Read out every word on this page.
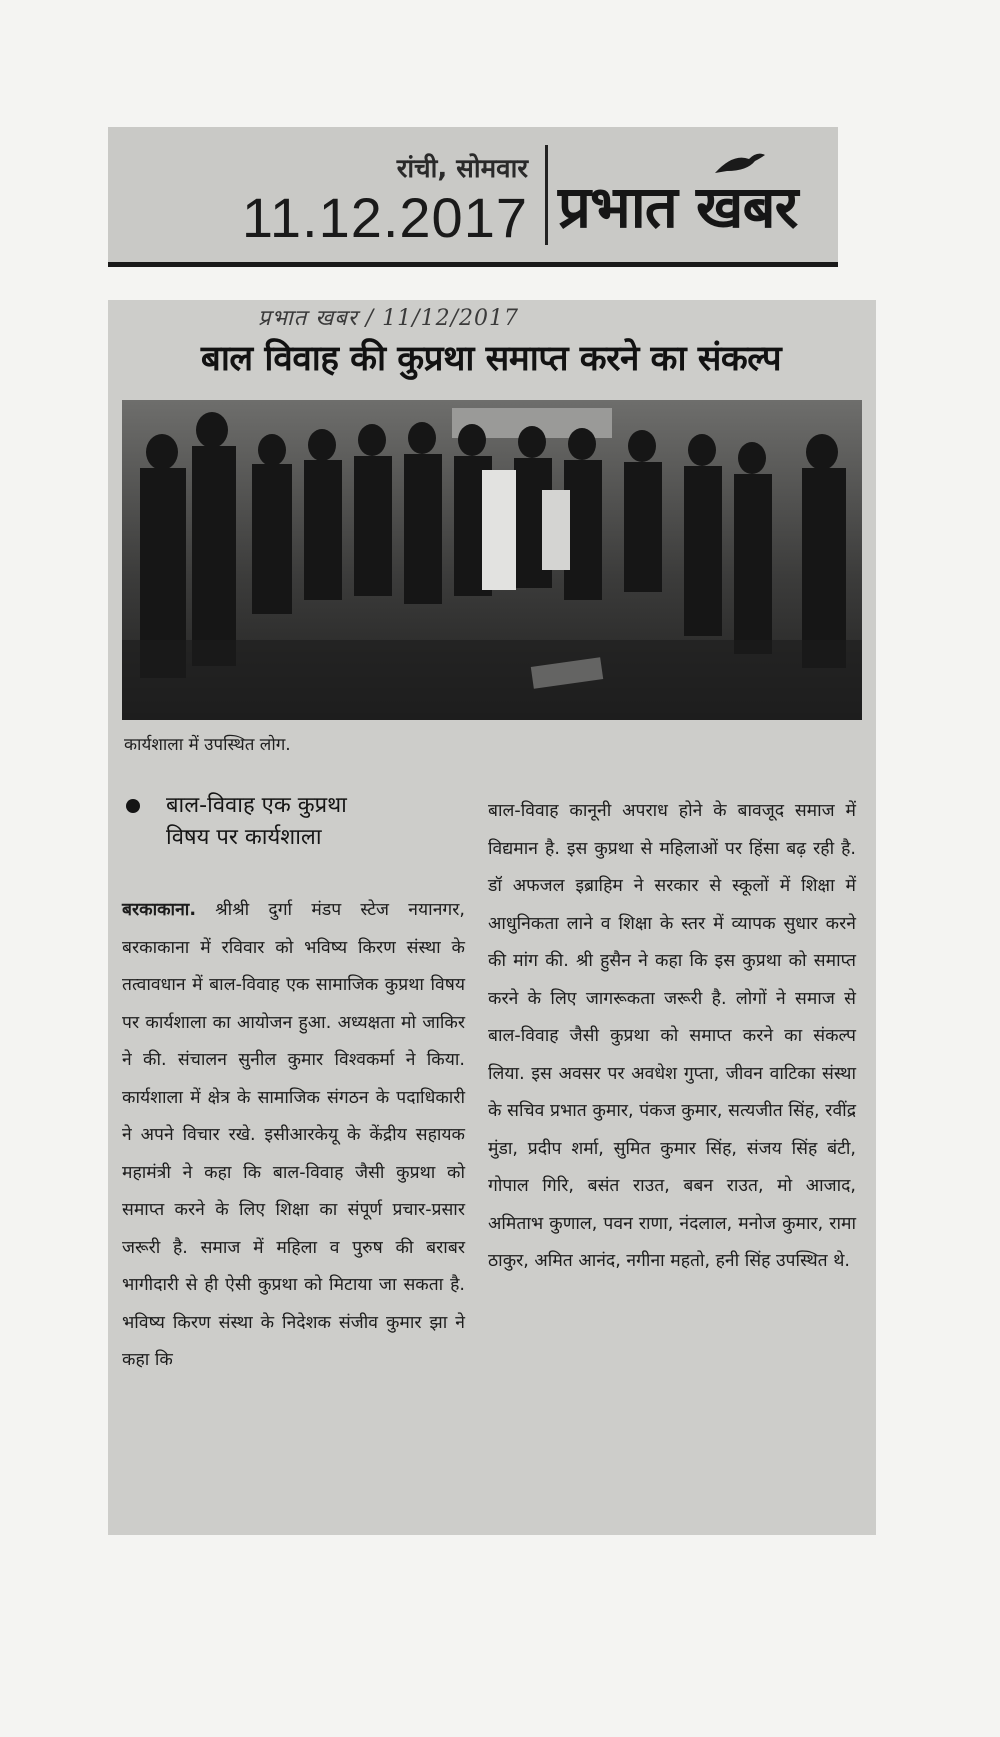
रांची, सोमवार
11.12.2017 प्रभात खबर
प्रभात खबर / 11/12/2017
बाल विवाह की कुप्रथा समाप्त करने का संकल्प
कार्यशाला में उपस्थित लोग.
बाल-विवाह एक कुप्रथा
विषय पर कार्यशाला
बरकाकाना. श्रीश्री दुर्गा मंडप स्टेज नयानगर, बरकाकाना में रविवार को भविष्य किरण संस्था के तत्वावधान में बाल-विवाह एक सामाजिक कुप्रथा विषय पर कार्यशाला का आयोजन हुआ. अध्यक्षता मो जाकिर ने की. संचालन सुनील कुमार विश्वकर्मा ने किया. कार्यशाला में क्षेत्र के सामाजिक संगठन के पदाधिकारी ने अपने विचार रखे. इसीआरकेयू के केंद्रीय सहायक महामंत्री ने कहा कि बाल-विवाह जैसी कुप्रथा को समाप्त करने के लिए शिक्षा का संपूर्ण प्रचार-प्रसार जरूरी है. समाज में महिला व पुरुष की बराबर भागीदारी से ही ऐसी कुप्रथा को मिटाया जा सकता है. भविष्य किरण संस्था के निदेशक संजीव कुमार झा ने कहा कि
बाल-विवाह कानूनी अपराध होने के बावजूद समाज में विद्यमान है. इस कुप्रथा से महिलाओं पर हिंसा बढ़ रही है. डॉ अफजल इब्राहिम ने सरकार से स्कूलों में शिक्षा में आधुनिकता लाने व शिक्षा के स्तर में व्यापक सुधार करने की मांग की. श्री हुसैन ने कहा कि इस कुप्रथा को समाप्त करने के लिए जागरूकता जरूरी है. लोगों ने समाज से बाल-विवाह जैसी कुप्रथा को समाप्त करने का संकल्प लिया. इस अवसर पर अवधेश गुप्ता, जीवन वाटिका संस्था के सचिव प्रभात कुमार, पंकज कुमार, सत्यजीत सिंह, रवींद्र मुंडा, प्रदीप शर्मा, सुमित कुमार सिंह, संजय सिंह बंटी, गोपाल गिरि, बसंत राउत, बबन राउत, मो आजाद, अमिताभ कुणाल, पवन राणा, नंदलाल, मनोज कुमार, रामा ठाकुर, अमित आनंद, नगीना महतो, हनी सिंह उपस्थित थे.
